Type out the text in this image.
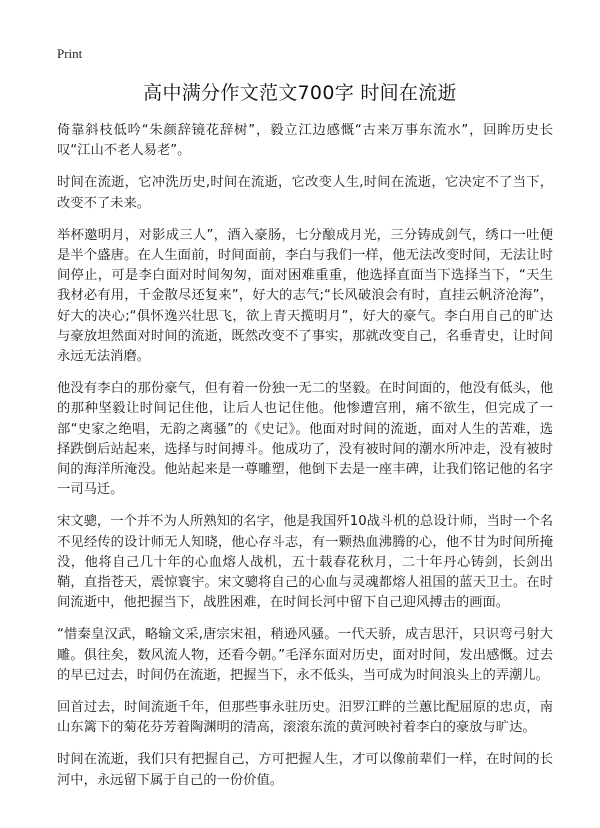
Print
高中满分作文范文700字 时间在流逝

倚靠斜枝低吟“朱颜辞镜花辞树”，毅立江边感慨“古来万事东流水”，回眸历史长叹“江山不老人易老”。

时间在流逝，它冲洗历史,时间在流逝，它改变人生,时间在流逝，它决定不了当下，改变不了未来。

举杯邀明月，对影成三人”，酒入豪肠，七分酿成月光，三分铸成剑气，绣口一吐便是半个盛唐。在人生面前，时间面前，李白与我们一样，他无法改变时间，无法让时间停止，可是李白面对时间匆匆，面对困难重重，他选择直面当下选择当下，“天生我材必有用，千金散尽还复来”，好大的志气;“长风破浪会有时，直挂云帆济沧海”，好大的决心;“俱怀逸兴壮思飞，欲上青天揽明月”，好大的豪气。李白用自己的旷达与豪放坦然面对时间的流逝，既然改变不了事实，那就改变自己，名垂青史，让时间永远无法消磨。

他没有李白的那份豪气，但有着一份独一无二的坚毅。在时间面的，他没有低头，他的那种坚毅让时间记住他，让后人也记住他。他惨遭宫刑，痛不欲生，但完成了一部“史家之绝唱，无韵之离骚”的《史记》。他面对时间的流逝，面对人生的苦难，选择跌倒后站起来，选择与时间搏斗。他成功了，没有被时间的潮水所冲走，没有被时间的海洋所淹没。他站起来是一尊雕塑，他倒下去是一座丰碑，让我们铭记他的名字一司马迁。

宋文骢，一个并不为人所熟知的名字，他是我国歼10战斗机的总设计师，当时一个名不见经传的设计师无人知晓，他心存斗志，有一颗热血沸腾的心，他不甘为时间所掩没，他将自己几十年的心血熔人战机，五十载春花秋月，二十年丹心铸剑，长剑出鞘，直指苍天，震惊寰宇。宋文骢将自己的心血与灵魂都熔人祖国的蓝天卫士。在时间流逝中，他把握当下，战胜困难，在时间长河中留下自己迎风搏击的画面。

“惜秦皇汉武，略输文采,唐宗宋祖，稍逊风骚。一代天骄，成吉思汗，只识弯弓射大雕。俱往矣，数风流人物，还看今朝。”毛泽东面对历史，面对时间，发出感慨。过去的早已过去，时间仍在流逝，把握当下，永不低头，当可成为时间浪头上的弄潮儿。

回首过去，时间流逝千年，但那些事永驻历史。汨罗江畔的兰蕙比配屈原的忠贞，南山东篱下的菊花芬芳着陶渊明的清高，滚滚东流的黄河映衬着李白的豪放与旷达。

时间在流逝，我们只有把握自己，方可把握人生，才可以像前辈们一样，在时间的长河中，永远留下属于自己的一份价值。
